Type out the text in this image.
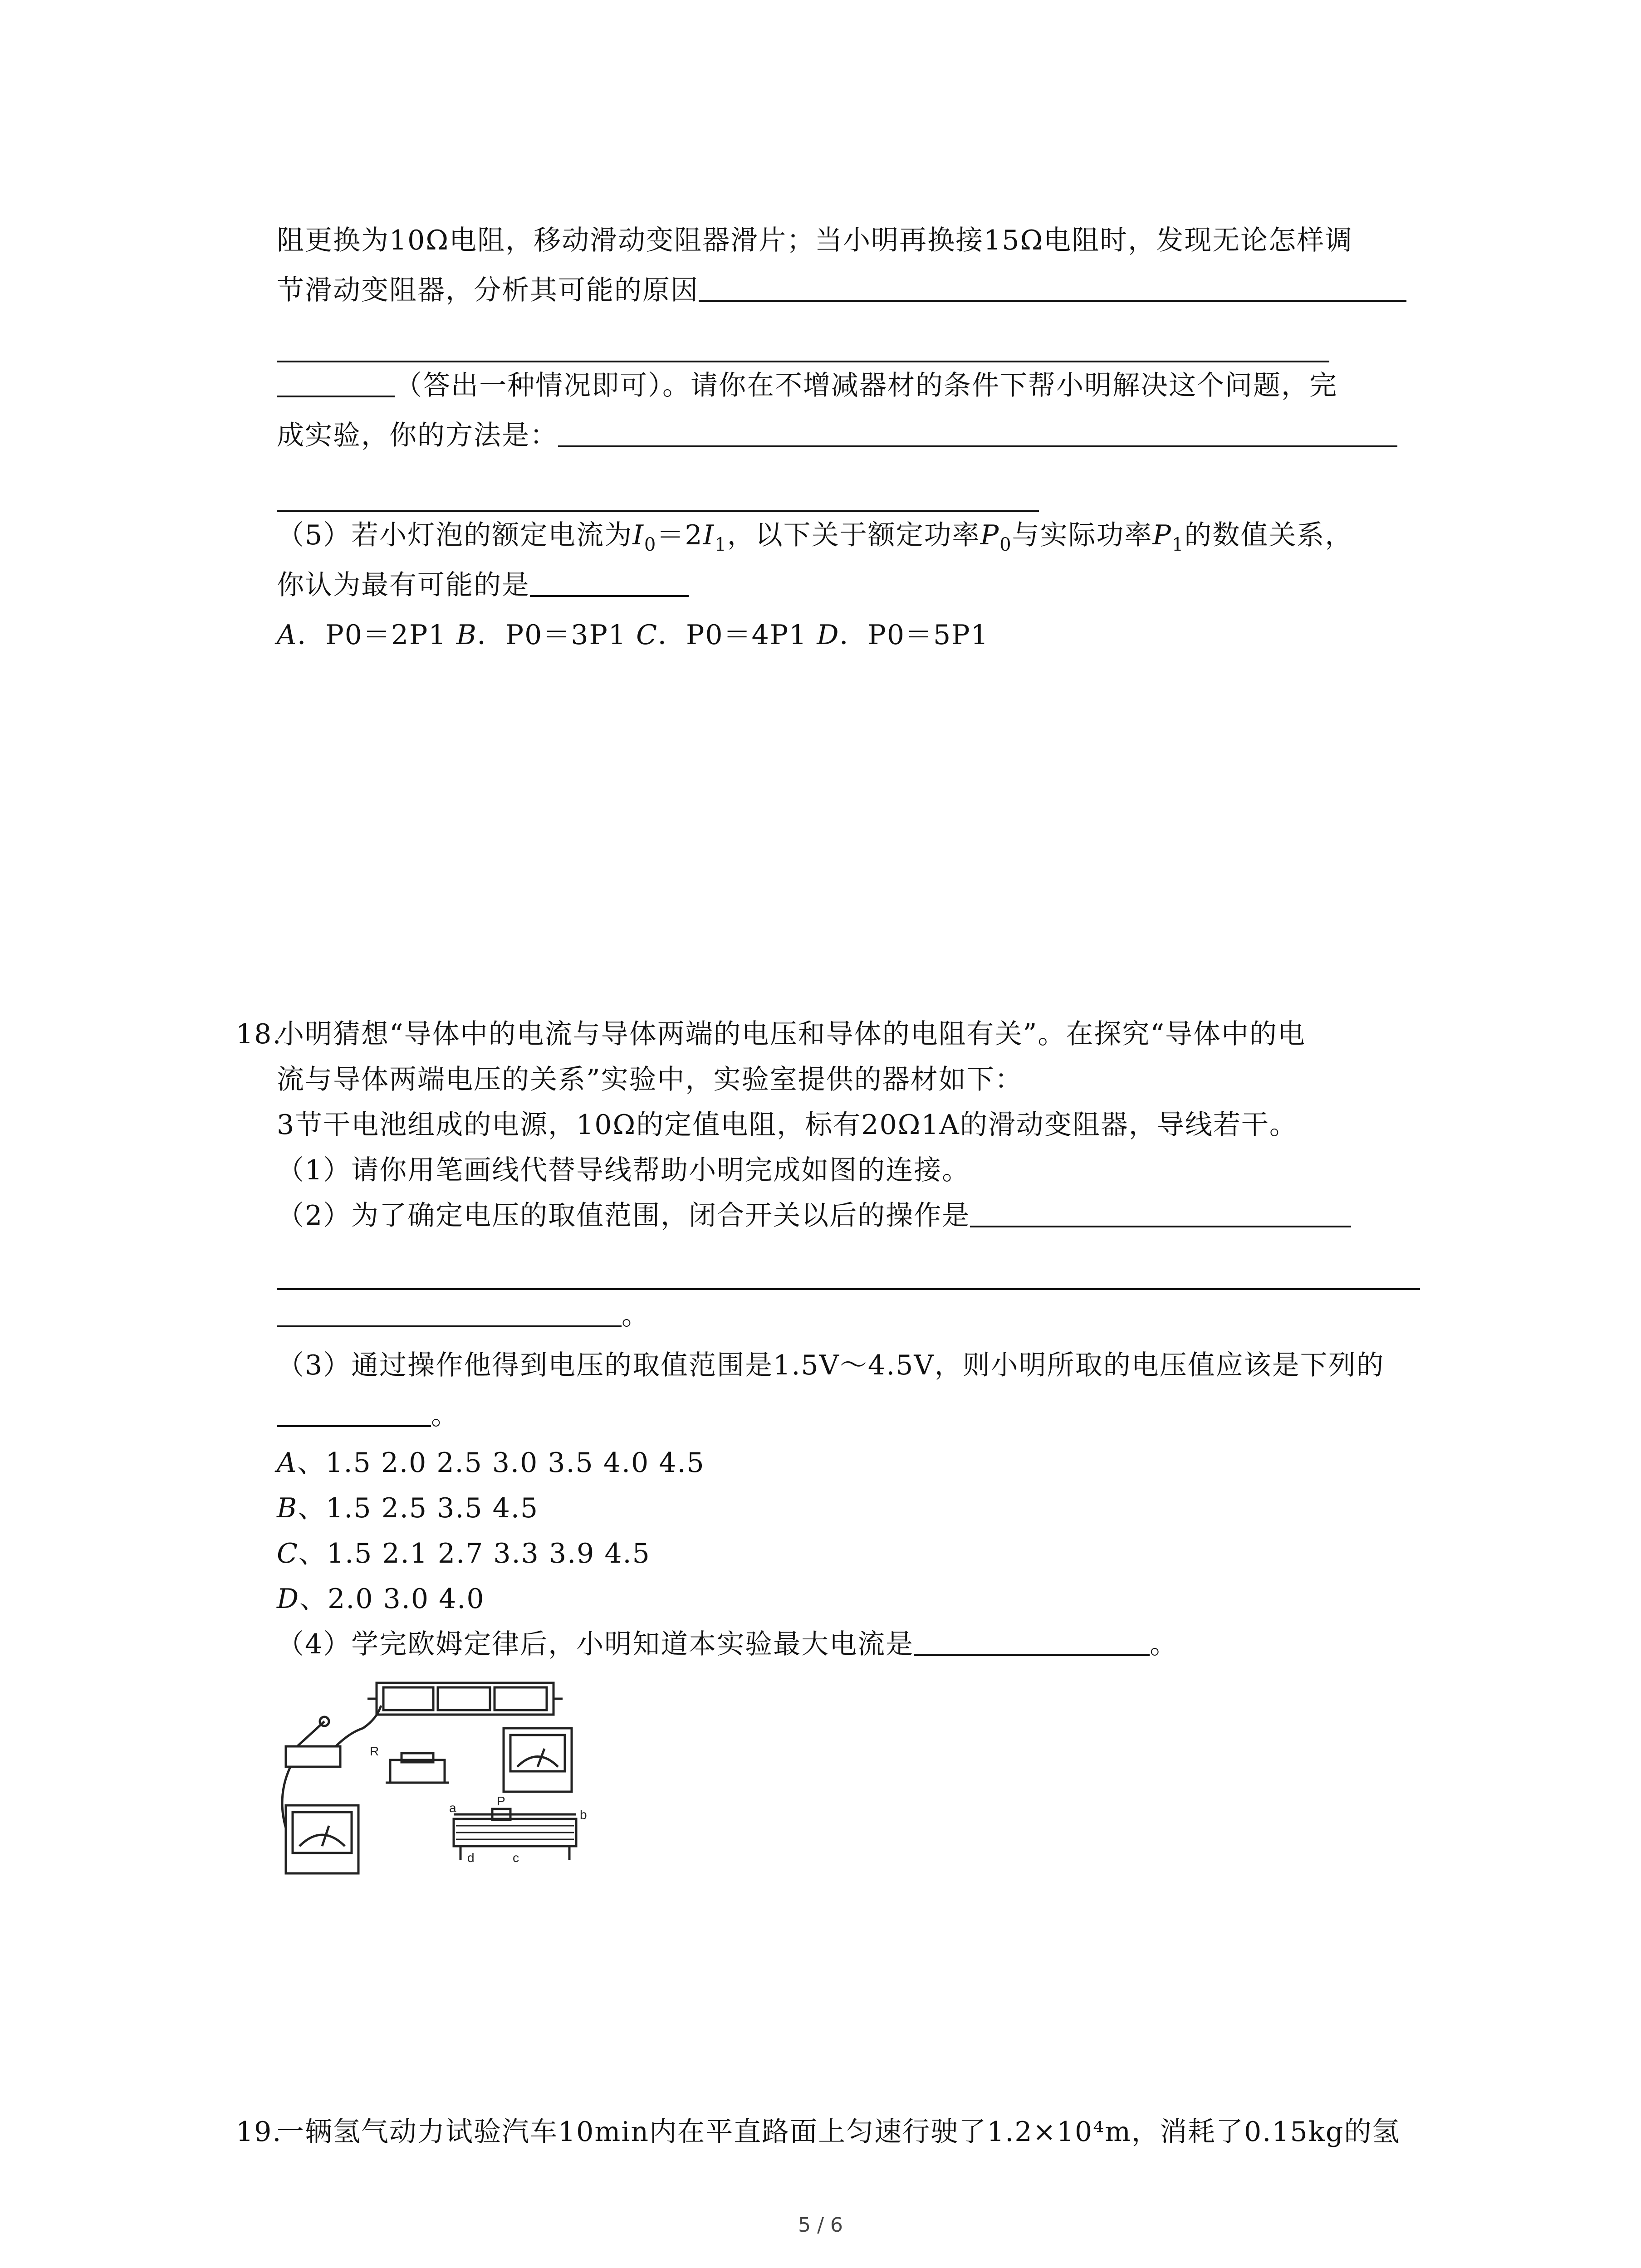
阻更换为10Ω电阻，移动滑动变阻器滑片；当小明再换接15Ω电阻时，发现无论怎样调
节滑动变阻器，分析其可能的原因
（答出一种情况即可）。请你在不增减器材的条件下帮小明解决这个问题，完
成实验，你的方法是：
（5）若小灯泡的额定电流为$I_0=2I_1$，以下关于额定功率$P_0$与实际功率$P_1$的数值关系，
你认为最有可能的是
A．P0＝2P1 B．P0＝3P1 C．P0＝4P1 D．P0＝5P1
18.
小明猜想“导体中的电流与导体两端的电压和导体的电阻有关”。在探究“导体中的电
流与导体两端电压的关系”实验中，实验室提供的器材如下：
3节干电池组成的电源，10Ω的定值电阻，标有20Ω1A的滑动变阻器，导线若干。
（1）请你用笔画线代替导线帮助小明完成如图的连接。
（2）为了确定电压的取值范围，闭合开关以后的操作是
。
（3）通过操作他得到电压的取值范围是1.5V～4.5V，则小明所取的电压值应该是下列的
。
A、1.5 2.0 2.5 3.0 3.5 4.0 4.5
B、1.5 2.5 3.5 4.5
C、1.5 2.1 2.7 3.3 3.9 4.5
D、2.0 3.0 4.0
（4）学完欧姆定律后，小明知道本实验最大电流是	。
R
P
a	b
c
d
19.
一辆氢气动力试验汽车10min内在平直路面上匀速行驶了1.2×10⁴m，消耗了0.15kg的氢
5 / 6
